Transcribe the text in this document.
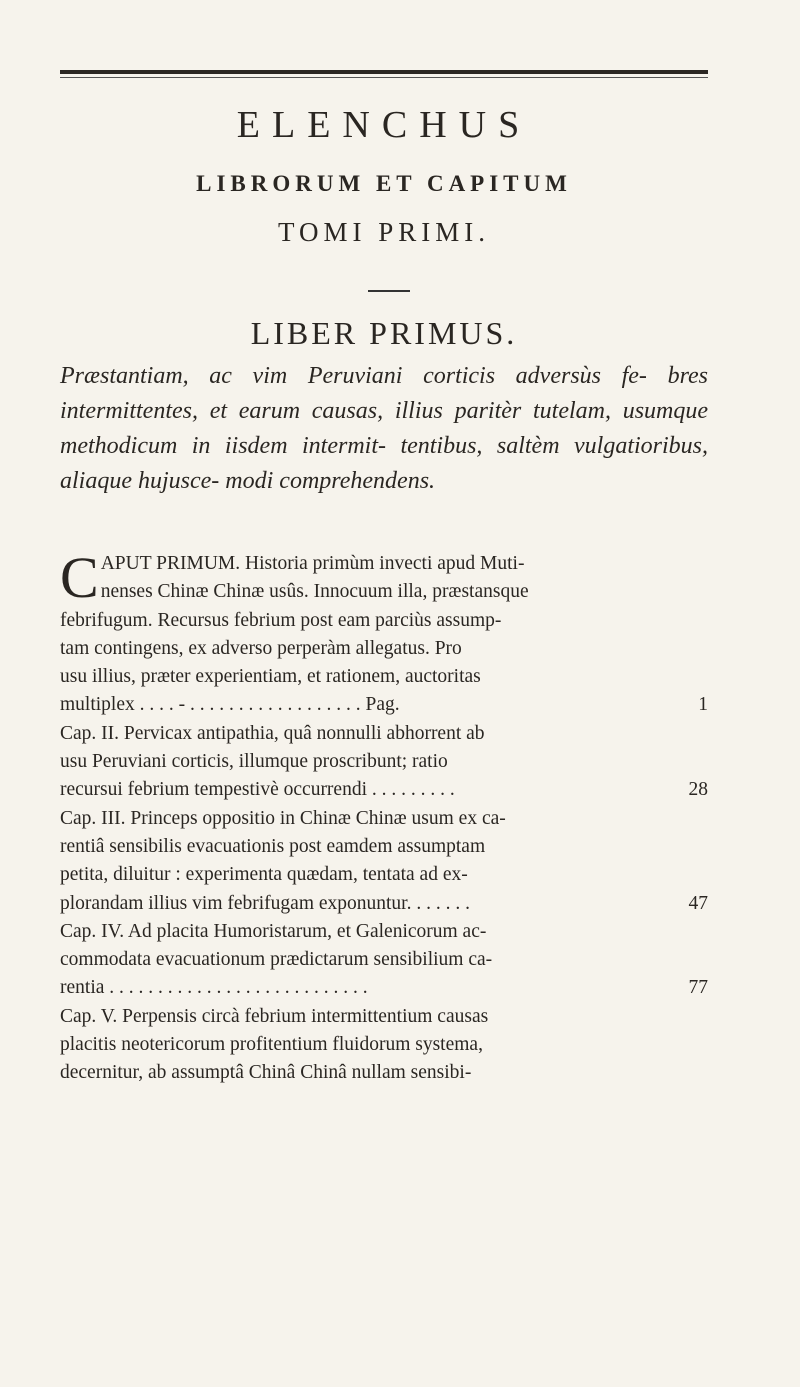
ELENCHUS
LIBRORUM ET CAPITUM
TOMI PRIMI.
LIBER PRIMUS.
Præstantiam, ac vim Peruviani corticis adversùs fe- bres intermittentes, et earum causas, illius paritèr tutelam, usumque methodicum in iisdem intermit- tentibus, saltèm vulgatioribus, aliaque hujusce- modi comprehendens.
C APUT PRIMUM. Historia primùm invecti apud Muti-
nenses Chinæ Chinæ usûs. Innocuum illa, præstansque
febrifugum. Recursus febrium post eam parciùs assump-
tam contingens, ex adverso perperàm allegatus. Pro
usu illius, præter experientiam, et rationem, auctoritas
multiplex . . . . - . . . . . . . . . . . . . . . . . . Pag.	1
Cap. II. Pervicax antipathia, quâ nonnulli abhorrent ab
usu Peruviani corticis, illumque proscribunt; ratio
recursui febrium tempestivè occurrendi . . . . . . . . .	28
Cap. III. Princeps oppositio in Chinæ Chinæ usum ex ca-
rentiâ sensibilis evacuationis post eamdem assumptam
petita, diluitur : experimenta quædam, tentata ad ex-
plorandam illius vim febrifugam exponuntur. . . . . . .	47
Cap. IV. Ad placita Humoristarum, et Galenicorum ac-
commodata evacuationum prædictarum sensibilium ca-
rentia . . . . . . . . . . . . . . . . . . . . . . . . . . .	77
Cap. V. Perpensis circà febrium intermittentium causas
placitis neotericorum profitentium fluidorum systema,
decernitur, ab assumptâ Chinâ Chinâ nullam sensibi-
